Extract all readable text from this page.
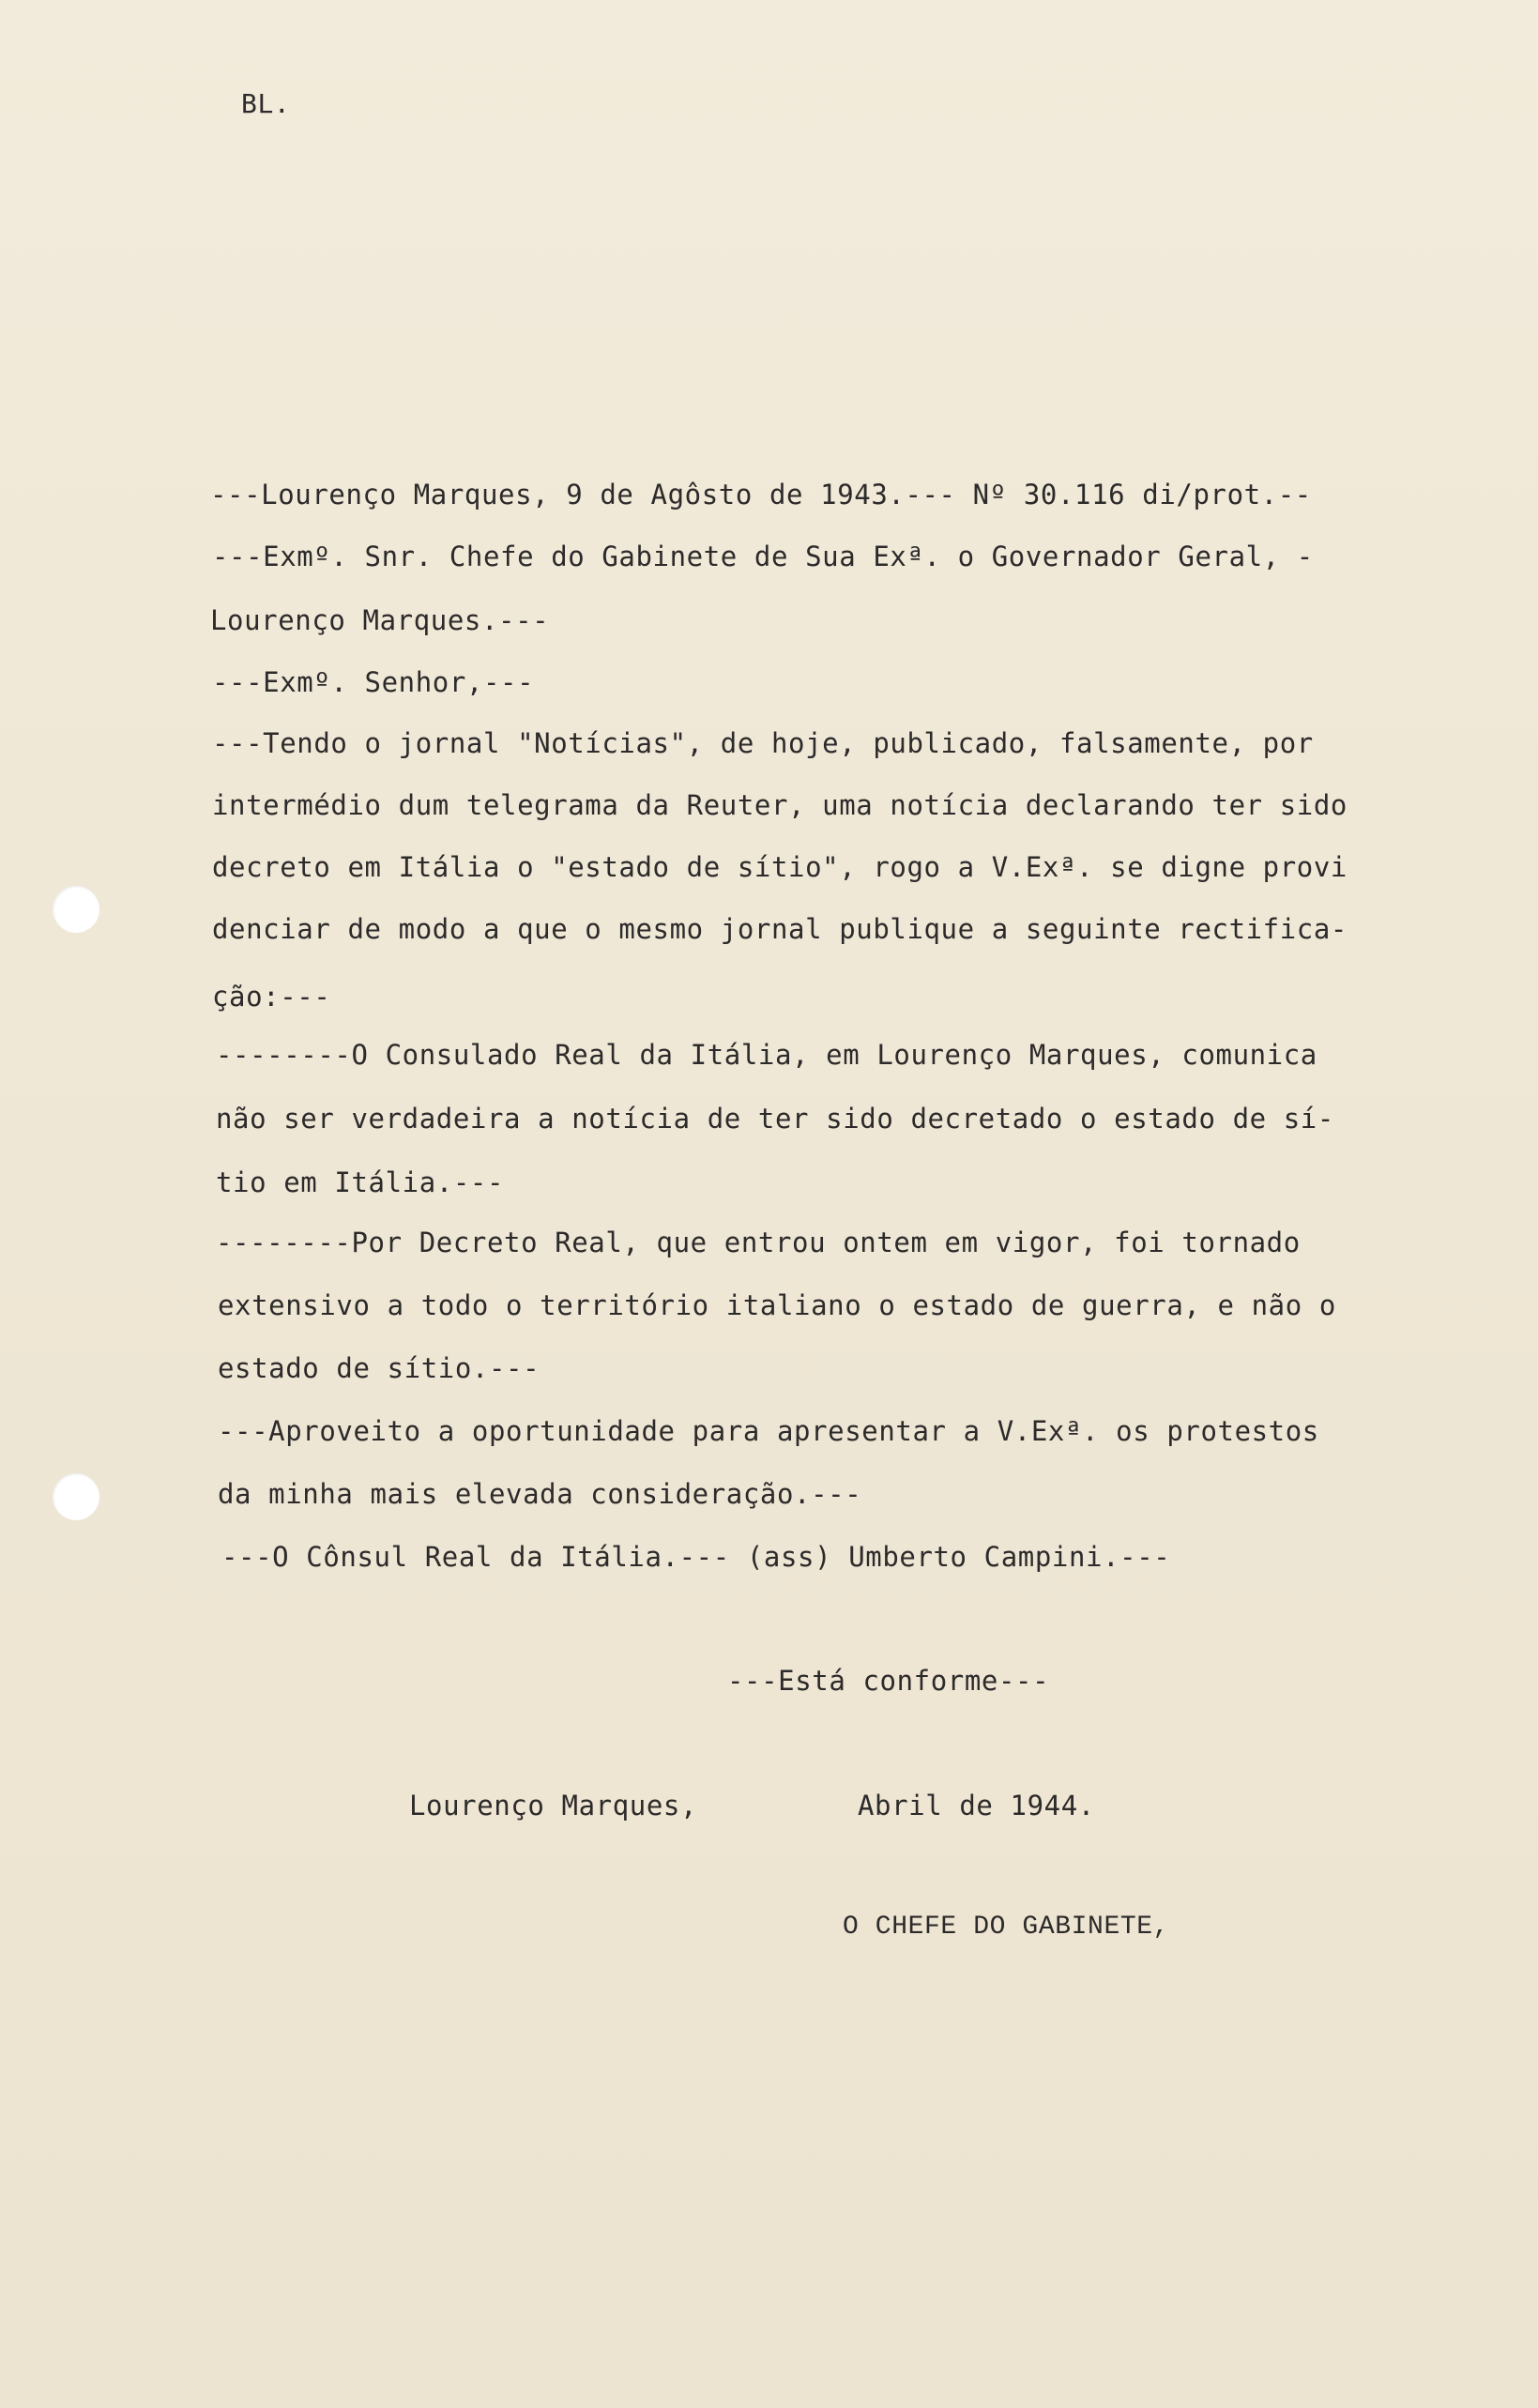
BL.
---Lourenço Marques, 9 de Agôsto de 1943.--- Nº 30.116 di/prot.--
---Exmº. Snr. Chefe do Gabinete de Sua Exª. o Governador Geral, -
Lourenço Marques.---
---Exmº. Senhor,---
---Tendo o jornal "Notícias", de hoje, publicado, falsamente, por
intermédio dum telegrama da Reuter, uma notícia declarando ter sido
decreto em Itália o "estado de sítio", rogo a V.Exª. se digne provi
denciar de modo a que o mesmo jornal publique a seguinte rectifica-
ção:---
--------O Consulado Real da Itália, em Lourenço Marques, comunica
não ser verdadeira a notícia de ter sido decretado o estado de sí-
tio em Itália.---
--------Por Decreto Real, que entrou ontem em vigor, foi tornado
extensivo a todo o território italiano o estado de guerra, e não o
estado de sítio.---
---Aproveito a oportunidade para apresentar a V.Exª. os protestos
da minha mais elevada consideração.---
---O Cônsul Real da Itália.--- (ass) Umberto Campini.---
---Está conforme---
Lourenço Marques,	Abril de 1944.
O CHEFE DO GABINETE,
